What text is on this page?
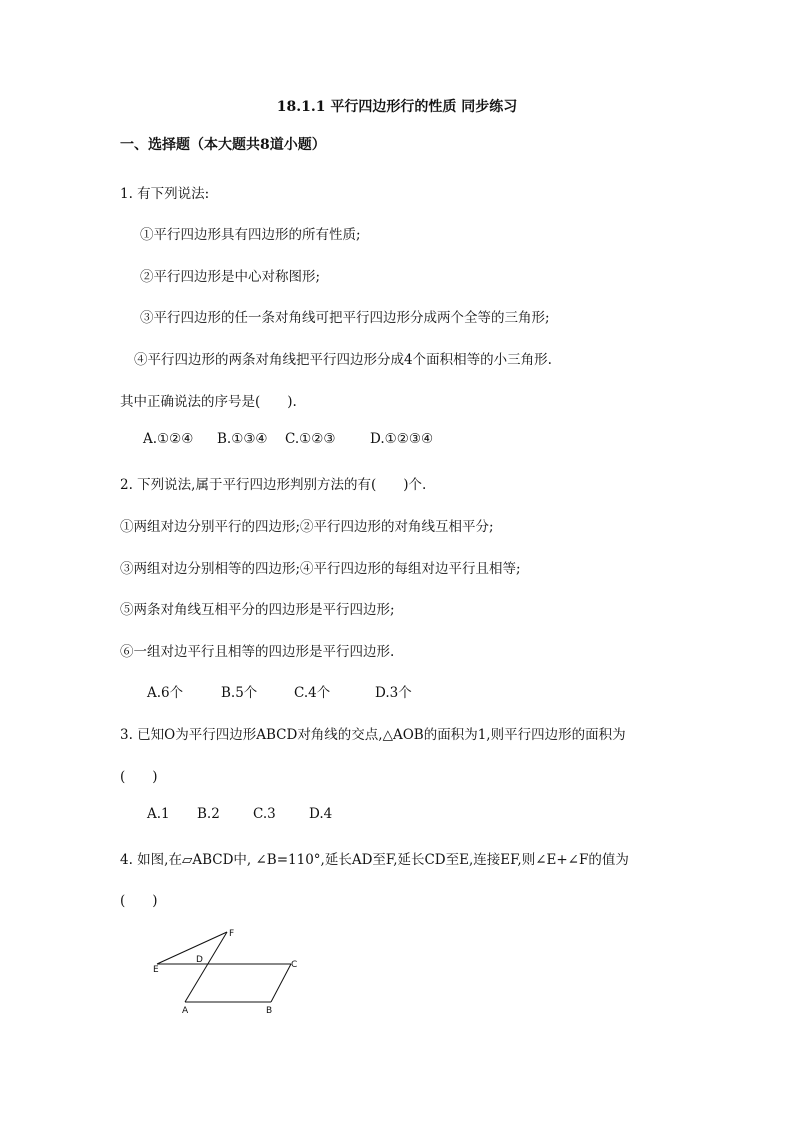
18.1.1 平行四边形行的性质 同步练习
一、选择题（本大题共8道小题）
1. 有下列说法:
①平行四边形具有四边形的所有性质;
②平行四边形是中心对称图形;
③平行四边形的任一条对角线可把平行四边形分成两个全等的三角形;
④平行四边形的两条对角线把平行四边形分成4个面积相等的小三角形.
其中正确说法的序号是(　　).
A.①②④ B.①③④ C.①②③	D.①②③④
2. 下列说法,属于平行四边形判别方法的有(　　)个.
①两组对边分别平行的四边形;②平行四边形的对角线互相平分;
③两组对边分别相等的四边形;④平行四边形的每组对边平行且相等;
⑤两条对角线互相平分的四边形是平行四边形;
⑥一组对边平行且相等的四边形是平行四边形.
A.6个	B.5个	C.4个	D.3个
3. 已知O为平行四边形ABCD对角线的交点,△AOB的面积为1,则平行四边形的面积为
(　　)
A.1 B.2 C.3 D.4
4. 如图,在▱ABCD中, ∠B=110°,延长AD至F,延长CD至E,连接EF,则∠E+∠F的值为
(　　)
F
E
D	C
A	B
